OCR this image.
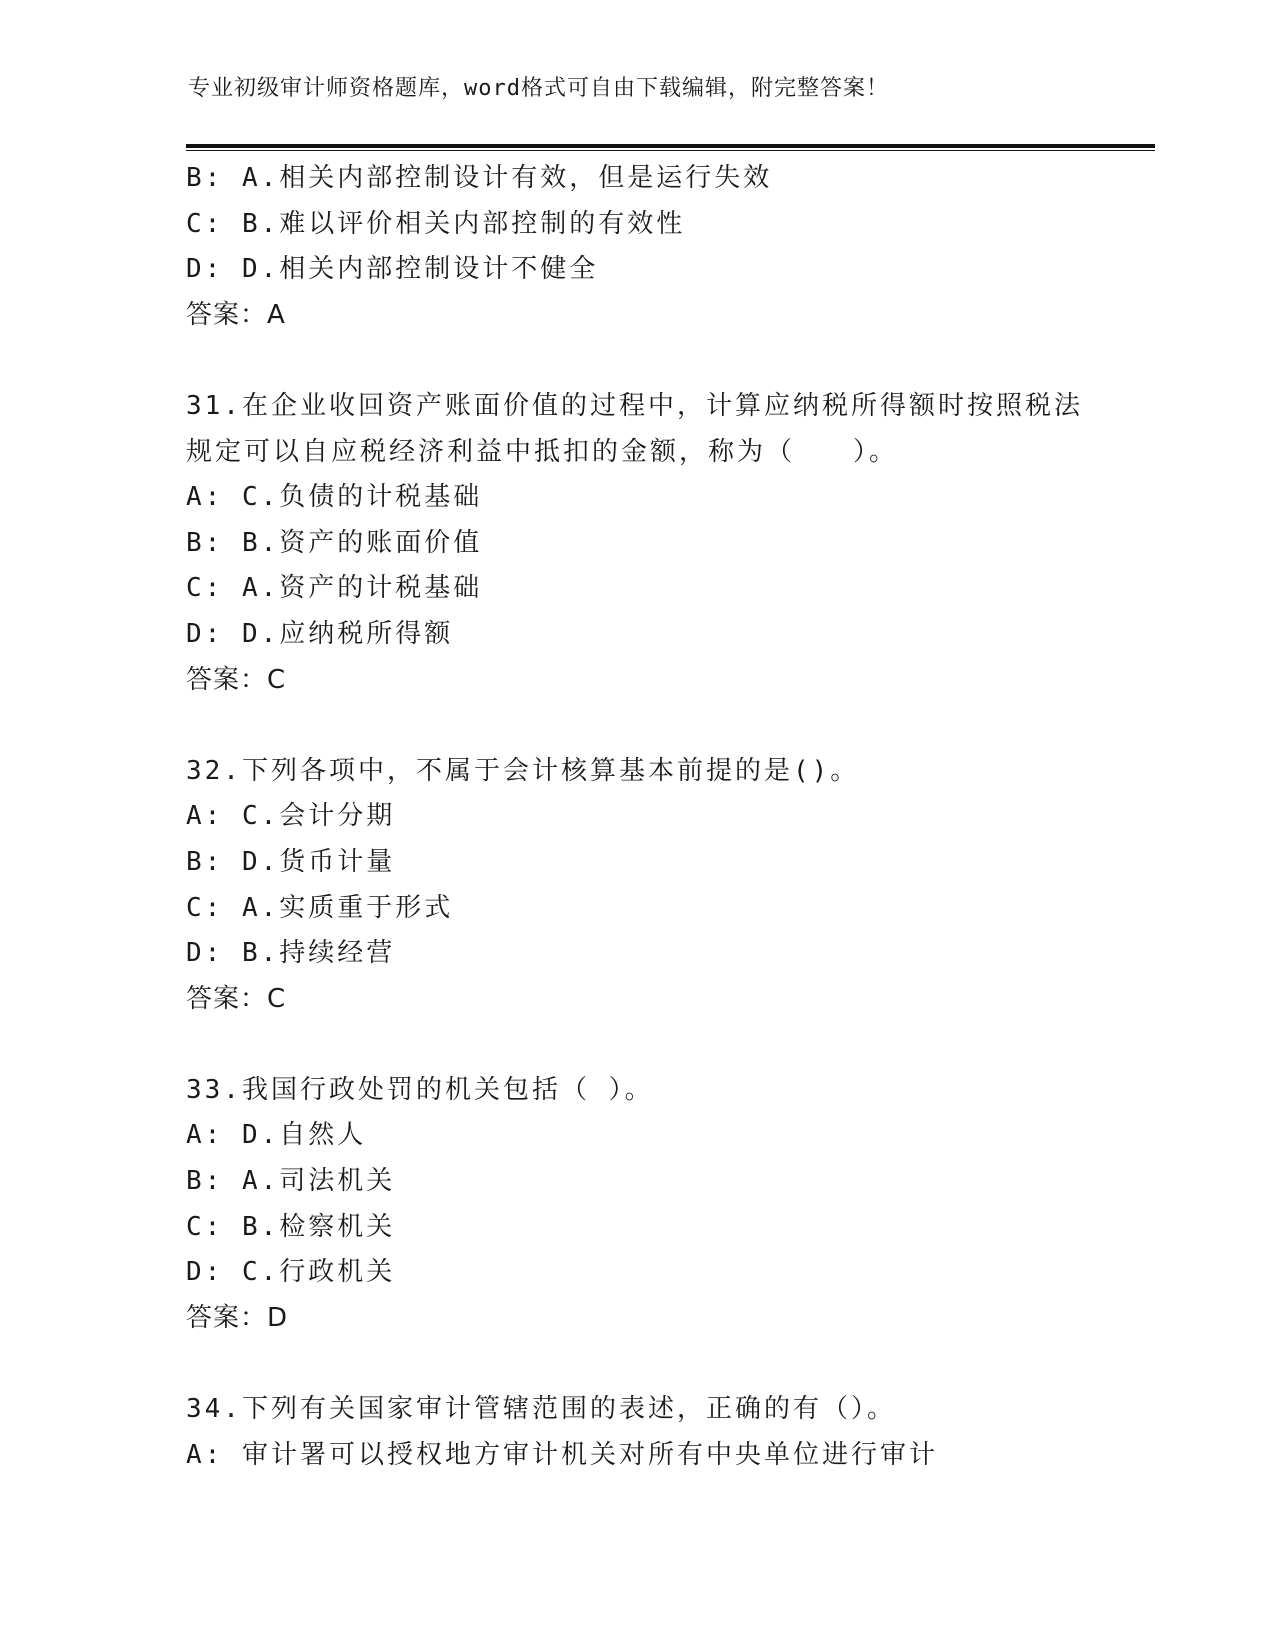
专业初级审计师资格题库，word格式可自由下载编辑，附完整答案！
B: A.相关内部控制设计有效，但是运行失效
C: B.难以评价相关内部控制的有效性
D: D.相关内部控制设计不健全
答案：A
31.在企业收回资产账面价值的过程中，计算应纳税所得额时按照税法
规定可以自应税经济利益中抵扣的金额，称为（　　）。
A: C.负债的计税基础
B: B.资产的账面价值
C: A.资产的计税基础
D: D.应纳税所得额
答案：C
32.下列各项中，不属于会计核算基本前提的是()。
A: C.会计分期
B: D.货币计量
C: A.实质重于形式
D: B.持续经营
答案：C
33.我国行政处罚的机关包括（ ）。
A: D.自然人
B: A.司法机关
C: B.检察机关
D: C.行政机关
答案：D
34.下列有关国家审计管辖范围的表述，正确的有（）。
A: 审计署可以授权地方审计机关对所有中央单位进行审计
